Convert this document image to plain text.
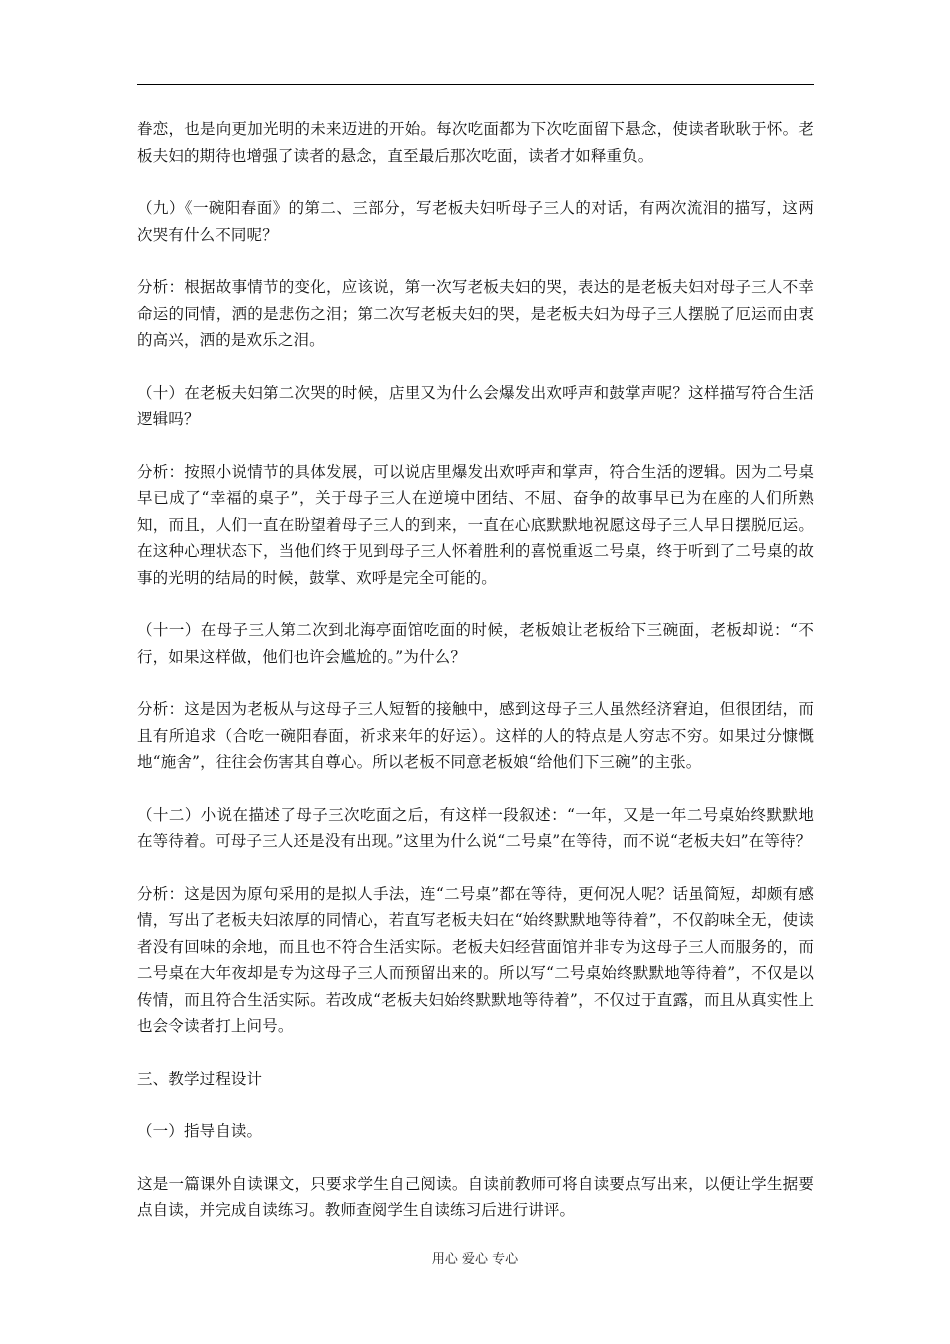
眷恋，也是向更加光明的未来迈进的开始。每次吃面都为下次吃面留下悬念，使读者耿耿于怀。老板夫妇的期待也增强了读者的悬念，直至最后那次吃面，读者才如释重负。

（九）《一碗阳春面》的第二、三部分，写老板夫妇听母子三人的对话，有两次流泪的描写，这两次哭有什么不同呢？

分析：根据故事情节的变化，应该说，第一次写老板夫妇的哭，表达的是老板夫妇对母子三人不幸命运的同情，洒的是悲伤之泪；第二次写老板夫妇的哭，是老板夫妇为母子三人摆脱了厄运而由衷的高兴，洒的是欢乐之泪。

（十）在老板夫妇第二次哭的时候，店里又为什么会爆发出欢呼声和鼓掌声呢？这样描写符合生活逻辑吗？

分析：按照小说情节的具体发展，可以说店里爆发出欢呼声和掌声，符合生活的逻辑。因为二号桌早已成了“幸福的桌子”，关于母子三人在逆境中团结、不屈、奋争的故事早已为在座的人们所熟知，而且，人们一直在盼望着母子三人的到来，一直在心底默默地祝愿这母子三人早日摆脱厄运。在这种心理状态下，当他们终于见到母子三人怀着胜利的喜悦重返二号桌，终于听到了二号桌的故事的光明的结局的时候，鼓掌、欢呼是完全可能的。

（十一）在母子三人第二次到北海亭面馆吃面的时候，老板娘让老板给下三碗面，老板却说：“不行，如果这样做，他们也许会尴尬的。”为什么？

分析：这是因为老板从与这母子三人短暂的接触中，感到这母子三人虽然经济窘迫，但很团结，而且有所追求（合吃一碗阳春面，祈求来年的好运）。这样的人的特点是人穷志不穷。如果过分慷慨地“施舍”，往往会伤害其自尊心。所以老板不同意老板娘“给他们下三碗”的主张。

（十二）小说在描述了母子三次吃面之后，有这样一段叙述：“一年，又是一年二号桌始终默默地在等待着。可母子三人还是没有出现。”这里为什么说“二号桌”在等待，而不说“老板夫妇”在等待？

分析：这是因为原句采用的是拟人手法，连“二号桌”都在等待，更何况人呢？话虽简短，却颇有感情，写出了老板夫妇浓厚的同情心，若直写老板夫妇在“始终默默地等待着”，不仅韵味全无，使读者没有回味的余地，而且也不符合生活实际。老板夫妇经营面馆并非专为这母子三人而服务的，而二号桌在大年夜却是专为这母子三人而预留出来的。所以写“二号桌始终默默地等待着”，不仅是以传情，而且符合生活实际。若改成“老板夫妇始终默默地等待着”，不仅过于直露，而且从真实性上也会令读者打上问号。

三、教学过程设计

（一）指导自读。

这是一篇课外自读课文，只要求学生自己阅读。自读前教师可将自读要点写出来，以便让学生据要点自读，并完成自读练习。教师查阅学生自读练习后进行讲评。

用心 爱心 专心
